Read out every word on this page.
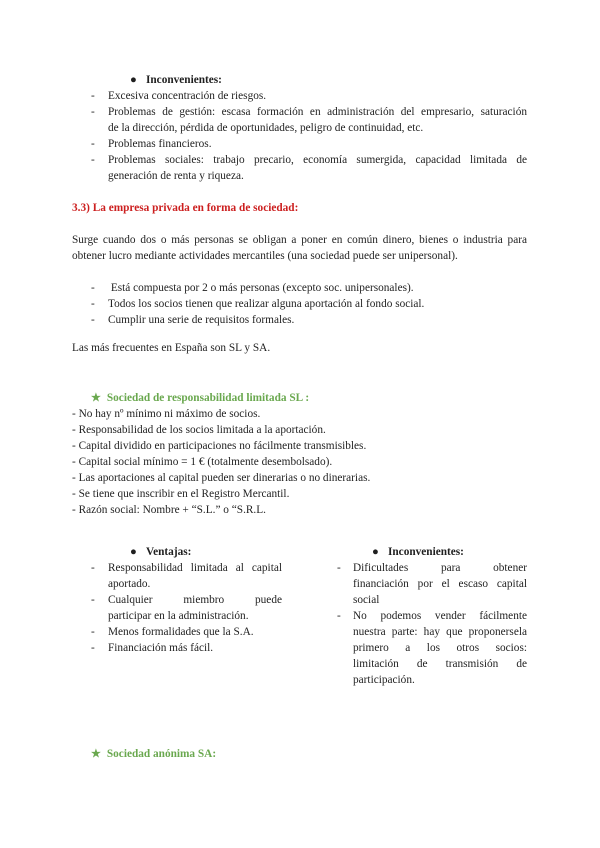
● Inconvenientes:
- Excesiva concentración de riesgos.
- Problemas de gestión: escasa formación en administración del empresario, saturación
de la dirección, pérdida de oportunidades, peligro de continuidad, etc.
- Problemas financieros.
- Problemas sociales: trabajo precario, economía sumergida, capacidad limitada de
generación de renta y riqueza.
3.3) La empresa privada en forma de sociedad:
Surge cuando dos o más personas se obligan a poner en común dinero, bienes o industria para
obtener lucro mediante actividades mercantiles (una sociedad puede ser unipersonal).
- Está compuesta por 2 o más personas (excepto soc. unipersonales).
- Todos los socios tienen que realizar alguna aportación al fondo social.
- Cumplir una serie de requisitos formales.
Las más frecuentes en España son SL y SA.
★ Sociedad de responsabilidad limitada SL :
- No hay nº mínimo ni máximo de socios.
- Responsabilidad de los socios limitada a la aportación.
- Capital dividido en participaciones no fácilmente transmisibles.
- Capital social mínimo = 1 € (totalmente desembolsado).
- Las aportaciones al capital pueden ser dinerarias o no dinerarias.
- Se tiene que inscribir en el Registro Mercantil.
- Razón social: Nombre + “S.L.” o “S.R.L.
● Ventajas:
- Responsabilidad limitada al capital
aportado.
- Cualquier miembro puede
participar en la administración.
- Menos formalidades que la S.A.
- Financiación más fácil.
● Inconvenientes:
- Dificultades para obtener
financiación por el escaso capital
social
- No podemos vender fácilmente
nuestra parte: hay que proponersela
primero a los otros socios:
limitación de transmisión de
participación.
★ Sociedad anónima SA:
